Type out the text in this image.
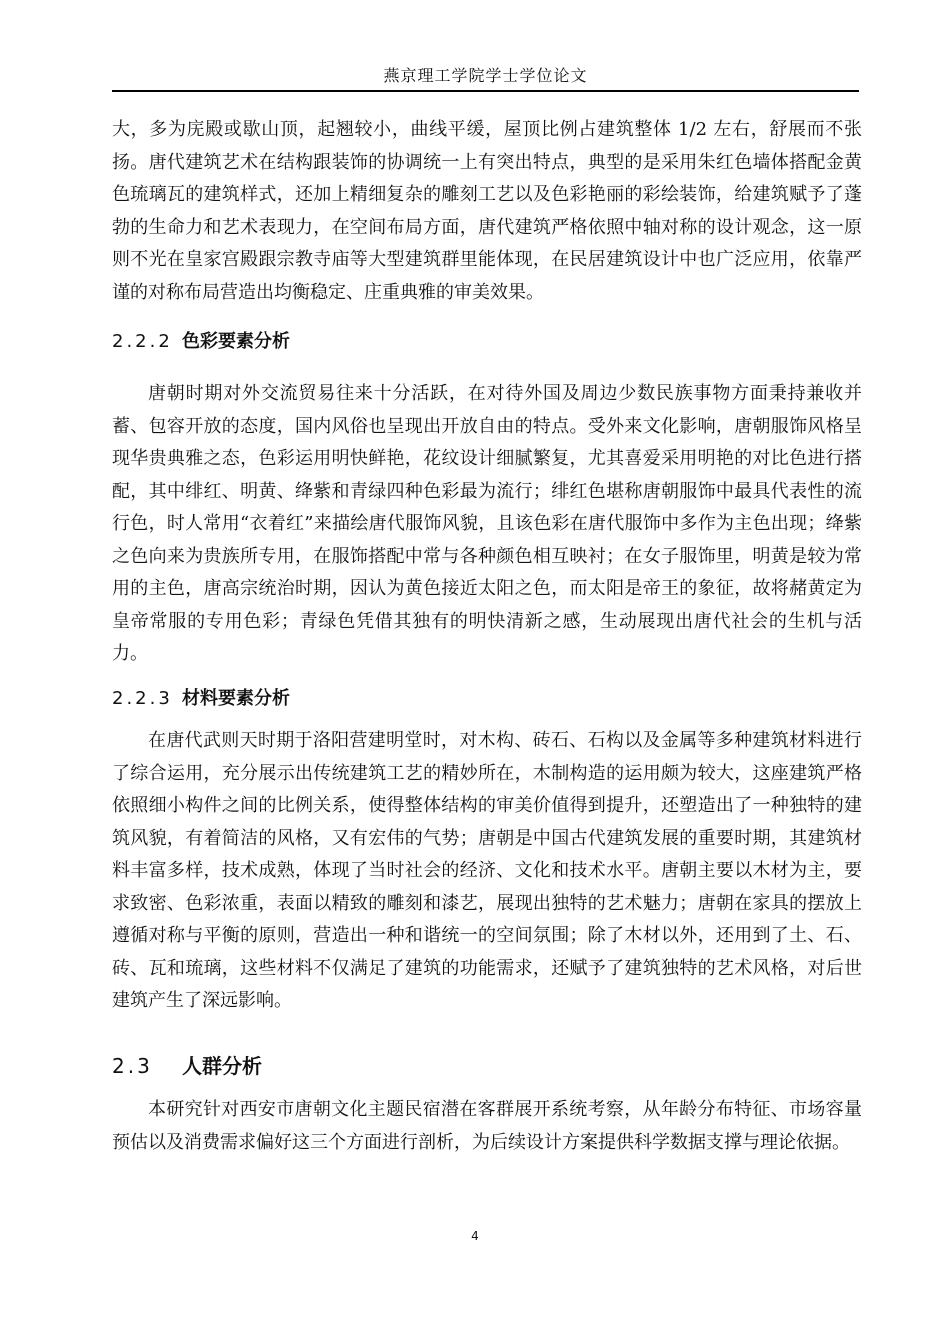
燕京理工学院学士学位论文

大，多为庑殿或歇山顶，起翘较小，曲线平缓，屋顶比例占建筑整体 1/2 左右，舒展而不张扬。唐代建筑艺术在结构跟装饰的协调统一上有突出特点，典型的是采用朱红色墙体搭配金黄色琉璃瓦的建筑样式，还加上精细复杂的雕刻工艺以及色彩艳丽的彩绘装饰，给建筑赋予了蓬勃的生命力和艺术表现力，在空间布局方面，唐代建筑严格依照中轴对称的设计观念，这一原则不光在皇家宫殿跟宗教寺庙等大型建筑群里能体现，在民居建筑设计中也广泛应用，依靠严谨的对称布局营造出均衡稳定、庄重典雅的审美效果。

2.2.2 色彩要素分析

唐朝时期对外交流贸易往来十分活跃，在对待外国及周边少数民族事物方面秉持兼收并蓄、包容开放的态度，国内风俗也呈现出开放自由的特点。受外来文化影响，唐朝服饰风格呈现华贵典雅之态，色彩运用明快鲜艳，花纹设计细腻繁复，尤其喜爱采用明艳的对比色进行搭配，其中绯红、明黄、绛紫和青绿四种色彩最为流行；绯红色堪称唐朝服饰中最具代表性的流行色，时人常用“衣着红”来描绘唐代服饰风貌，且该色彩在唐代服饰中多作为主色出现；绛紫之色向来为贵族所专用，在服饰搭配中常与各种颜色相互映衬；在女子服饰里，明黄是较为常用的主色，唐高宗统治时期，因认为黄色接近太阳之色，而太阳是帝王的象征，故将赭黄定为皇帝常服的专用色彩；青绿色凭借其独有的明快清新之感，生动展现出唐代社会的生机与活力。

2.2.3 材料要素分析

在唐代武则天时期于洛阳营建明堂时，对木构、砖石、石构以及金属等多种建筑材料进行了综合运用，充分展示出传统建筑工艺的精妙所在，木制构造的运用颇为较大，这座建筑严格依照细小构件之间的比例关系，使得整体结构的审美价值得到提升，还塑造出了一种独特的建筑风貌，有着简洁的风格，又有宏伟的气势；唐朝是中国古代建筑发展的重要时期，其建筑材料丰富多样，技术成熟，体现了当时社会的经济、文化和技术水平。唐朝主要以木材为主，要求致密、色彩浓重，表面以精致的雕刻和漆艺，展现出独特的艺术魅力；唐朝在家具的摆放上遵循对称与平衡的原则，营造出一种和谐统一的空间氛围；除了木材以外，还用到了土、石、砖、瓦和琉璃，这些材料不仅满足了建筑的功能需求，还赋予了建筑独特的艺术风格，对后世建筑产生了深远影响。

2.3 人群分析

本研究针对西安市唐朝文化主题民宿潜在客群展开系统考察，从年龄分布特征、市场容量预估以及消费需求偏好这三个方面进行剖析，为后续设计方案提供科学数据支撑与理论依据。

4
